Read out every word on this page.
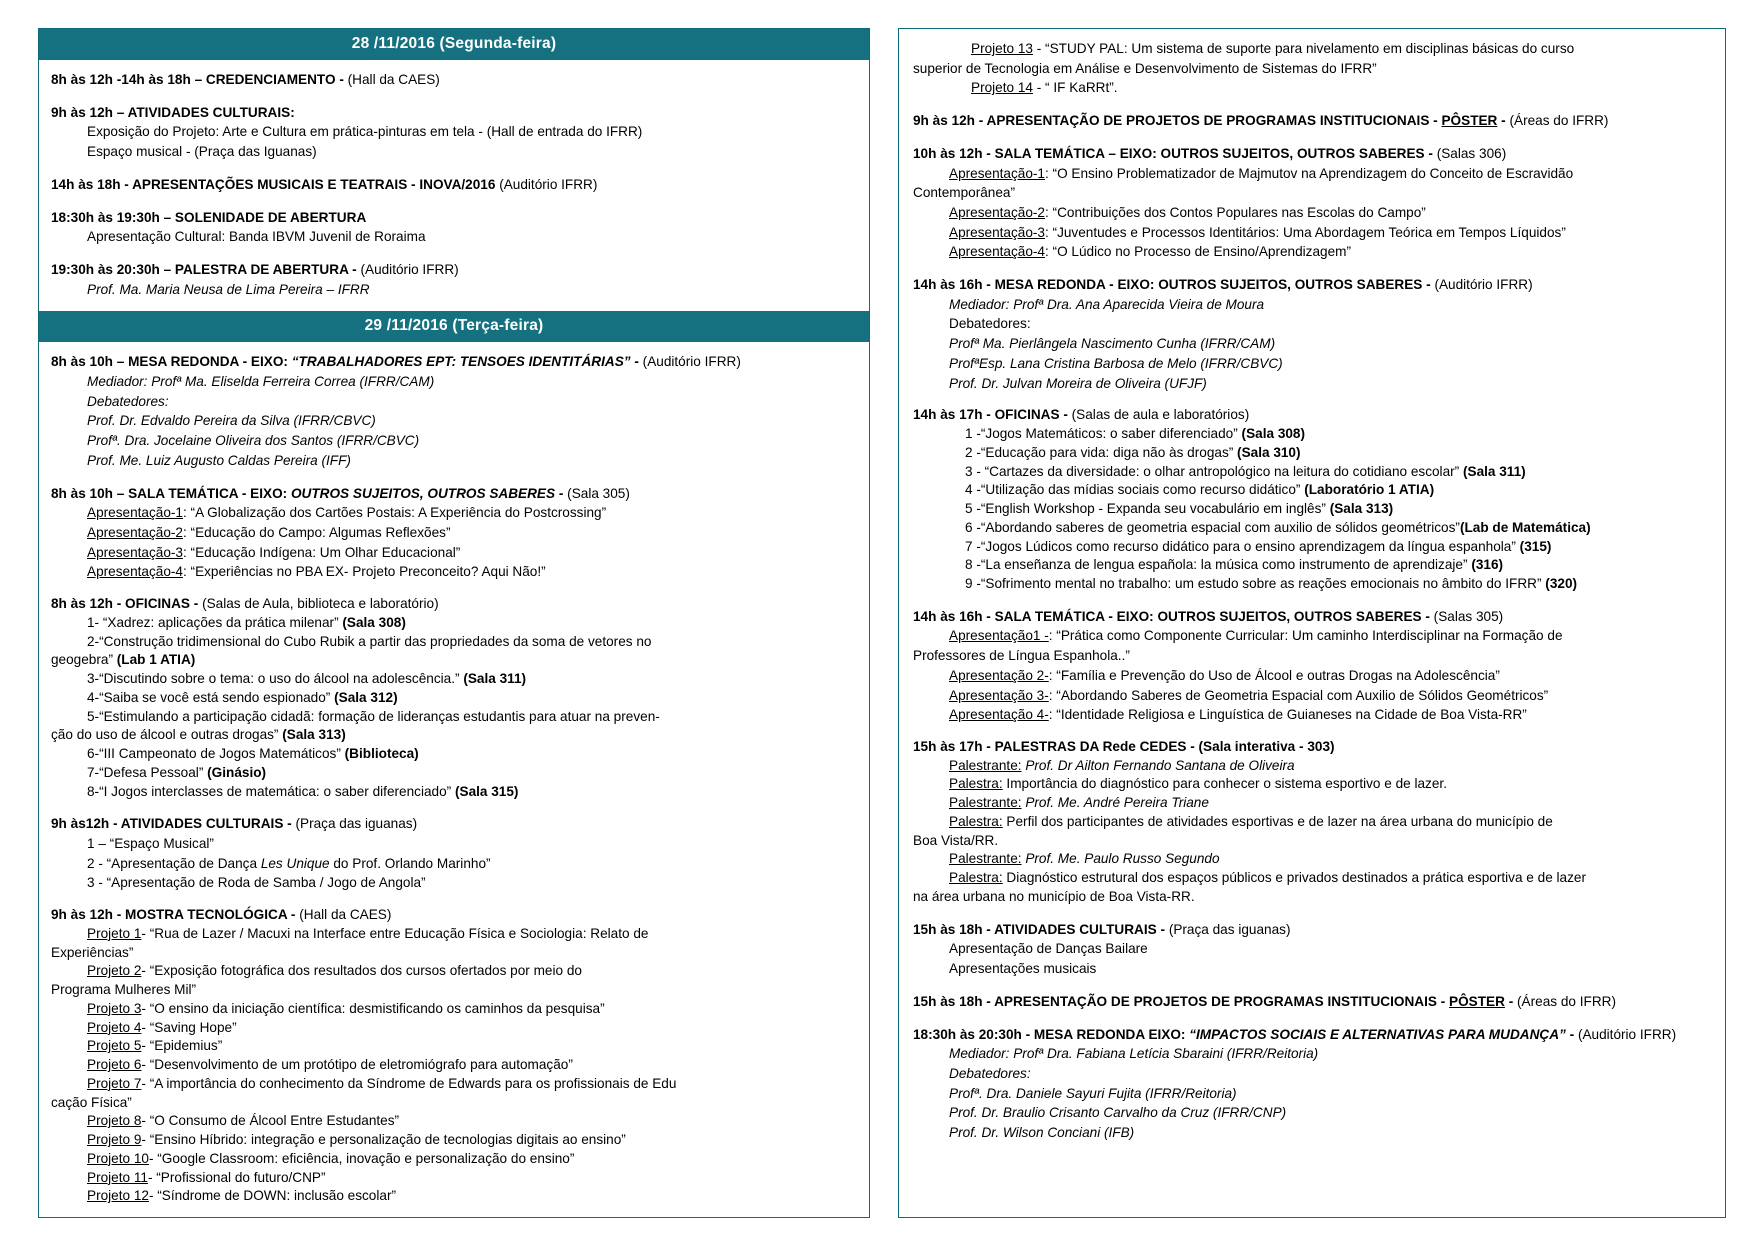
28 /11/2016 (Segunda-feira)
8h às 12h -14h às 18h – CREDENCIAMENTO - (Hall da CAES)
9h às 12h – ATIVIDADES CULTURAIS:
Exposição do Projeto: Arte e Cultura em prática-pinturas em tela - (Hall de entrada do IFRR)
Espaço musical - (Praça das Iguanas)
14h às 18h - APRESENTAÇÕES MUSICAIS E TEATRAIS - INOVA/2016 (Auditório IFRR)
18:30h às 19:30h – SOLENIDADE DE ABERTURA
Apresentação Cultural: Banda IBVM Juvenil de Roraima
19:30h às 20:30h – PALESTRA DE ABERTURA - (Auditório IFRR)
Prof. Ma. Maria Neusa de Lima Pereira – IFRR
29 /11/2016 (Terça-feira)
8h às 10h – MESA REDONDA - EIXO: “TRABALHADORES EPT: TENSOES IDENTITÁRIAS” - (Auditório IFRR)
Mediador: Profª Ma. Eliselda Ferreira Correa (IFRR/CAM)
Debatedores:
Prof. Dr. Edvaldo Pereira da Silva (IFRR/CBVC)
Profª. Dra. Jocelaine Oliveira dos Santos (IFRR/CBVC)
Prof. Me. Luiz Augusto Caldas Pereira (IFF)
8h às 10h – SALA TEMÁTICA - EIXO: OUTROS SUJEITOS, OUTROS SABERES - (Sala 305)
Apresentação-1: “A Globalização dos Cartões Postais: A Experiência do Postcrossing”
Apresentação-2: “Educação do Campo: Algumas Reflexões”
Apresentação-3: “Educação Indígena: Um Olhar Educacional”
Apresentação-4: “Experiências no PBA EX- Projeto Preconceito? Aqui Não!”
8h às 12h - OFICINAS - (Salas de Aula, biblioteca e laboratório)
1- “Xadrez: aplicações da prática milenar” (Sala 308)
2-“Construção tridimensional do Cubo Rubik a partir das propriedades da soma de vetores no
geogebra” (Lab 1 ATIA)
3-“Discutindo sobre o tema: o uso do álcool na adolescência.” (Sala 311)
4-“Saiba se você está sendo espionado” (Sala 312)
5-“Estimulando a participação cidadã: formação de lideranças estudantis para atuar na preven-
ção do uso de álcool e outras drogas” (Sala 313)
6-“III Campeonato de Jogos Matemáticos” (Biblioteca)
7-“Defesa Pessoal” (Ginásio)
8-“I Jogos interclasses de matemática: o saber diferenciado” (Sala 315)
9h às12h - ATIVIDADES CULTURAIS - (Praça das iguanas)
1 – “Espaço Musical”
2 - “Apresentação de Dança Les Unique do Prof. Orlando Marinho”
3 - “Apresentação de Roda de Samba / Jogo de Angola”
9h às 12h - MOSTRA TECNOLÓGICA - (Hall da CAES)
Projeto 1- “Rua de Lazer / Macuxi na Interface entre Educação Física e Sociologia: Relato de
Experiências”
Projeto 2- “Exposição fotográfica dos resultados dos cursos ofertados por meio do
Programa Mulheres Mil”
Projeto 3- “O ensino da iniciação científica: desmistificando os caminhos da pesquisa”
Projeto 4- “Saving Hope”
Projeto 5- “Epidemius”
Projeto 6- “Desenvolvimento de um protótipo de eletromiógrafo para automação”
Projeto 7- “A importância do conhecimento da Síndrome de Edwards para os profissionais de Edu
cação Física”
Projeto 8- “O Consumo de Álcool Entre Estudantes”
Projeto 9- “Ensino Híbrido: integração e personalização de tecnologias digitais ao ensino”
Projeto 10- “Google Classroom: eficiência, inovação e personalização do ensino”
Projeto 11- “Profissional do futuro/CNP”
Projeto 12- “Síndrome de DOWN: inclusão escolar”
Projeto 13 - “STUDY PAL: Um sistema de suporte para nivelamento em disciplinas básicas do curso
superior de Tecnologia em Análise e Desenvolvimento de Sistemas do IFRR”
Projeto 14 - “ IF KaRRt”.
9h às 12h - APRESENTAÇÃO DE PROJETOS DE PROGRAMAS INSTITUCIONAIS - PÔSTER - (Áreas do IFRR)
10h às 12h - SALA TEMÁTICA – EIXO: OUTROS SUJEITOS, OUTROS SABERES - (Salas 306)
Apresentação-1: “O Ensino Problematizador de Majmutov na Aprendizagem do Conceito de Escravidão
Contemporânea”
Apresentação-2: “Contribuições dos Contos Populares nas Escolas do Campo”
Apresentação-3: “Juventudes e Processos Identitários: Uma Abordagem Teórica em Tempos Líquidos”
Apresentação-4: “O Lúdico no Processo de Ensino/Aprendizagem”
14h às 16h - MESA REDONDA - EIXO: OUTROS SUJEITOS, OUTROS SABERES - (Auditório IFRR)
Mediador: Profª Dra. Ana Aparecida Vieira de Moura
Debatedores:
Profª Ma. Pierlângela Nascimento Cunha (IFRR/CAM)
ProfªEsp. Lana Cristina Barbosa de Melo (IFRR/CBVC)
Prof. Dr. Julvan Moreira de Oliveira (UFJF)
14h às 17h - OFICINAS - (Salas de aula e laboratórios)
1 -“Jogos Matemáticos: o saber diferenciado” (Sala 308)
2 -“Educação para vida: diga não às drogas” (Sala 310)
3 - “Cartazes da diversidade: o olhar antropológico na leitura do cotidiano escolar” (Sala 311)
4 -“Utilização das mídias sociais como recurso didático” (Laboratório 1 ATIA)
5 -“English Workshop - Expanda seu vocabulário em inglês” (Sala 313)
6 -“Abordando saberes de geometria espacial com auxilio de sólidos geométricos”(Lab de Matemática)
7 -“Jogos Lúdicos como recurso didático para o ensino aprendizagem da língua espanhola” (315)
8 -“La enseñanza de lengua española: la música como instrumento de aprendizaje” (316)
9 -“Sofrimento mental no trabalho: um estudo sobre as reações emocionais no âmbito do IFRR” (320)
14h às 16h - SALA TEMÁTICA - EIXO: OUTROS SUJEITOS, OUTROS SABERES - (Salas 305)
Apresentação1 -: “Prática como Componente Curricular: Um caminho Interdisciplinar na Formação de
Professores de Língua Espanhola..”
Apresentação 2-: “Família e Prevenção do Uso de Álcool e outras Drogas na Adolescência”
Apresentação 3-: “Abordando Saberes de Geometria Espacial com Auxilio de Sólidos Geométricos”
Apresentação 4-: “Identidade Religiosa e Linguística de Guianeses na Cidade de Boa Vista-RR”
15h às 17h - PALESTRAS DA Rede CEDES - (Sala interativa - 303)
Palestrante: Prof. Dr Ailton Fernando Santana de Oliveira
Palestra: Importância do diagnóstico para conhecer o sistema esportivo e de lazer.
Palestrante: Prof. Me. André Pereira Triane
Palestra: Perfil dos participantes de atividades esportivas e de lazer na área urbana do município de
Boa Vista/RR.
Palestrante: Prof. Me. Paulo Russo Segundo
Palestra: Diagnóstico estrutural dos espaços públicos e privados destinados a prática esportiva e de lazer
na área urbana no município de Boa Vista-RR.
15h às 18h - ATIVIDADES CULTURAIS - (Praça das iguanas)
Apresentação de Danças Bailare
Apresentações musicais
15h às 18h - APRESENTAÇÃO DE PROJETOS DE PROGRAMAS INSTITUCIONAIS - PÔSTER - (Áreas do IFRR)
18:30h às 20:30h - MESA REDONDA EIXO: “IMPACTOS SOCIAIS E ALTERNATIVAS PARA MUDANÇA” - (Auditório IFRR)
Mediador: Profª Dra. Fabiana Letícia Sbaraini (IFRR/Reitoria)
Debatedores:
Profª. Dra. Daniele Sayuri Fujita (IFRR/Reitoria)
Prof. Dr. Braulio Crisanto Carvalho da Cruz (IFRR/CNP)
Prof. Dr. Wilson Conciani (IFB)
